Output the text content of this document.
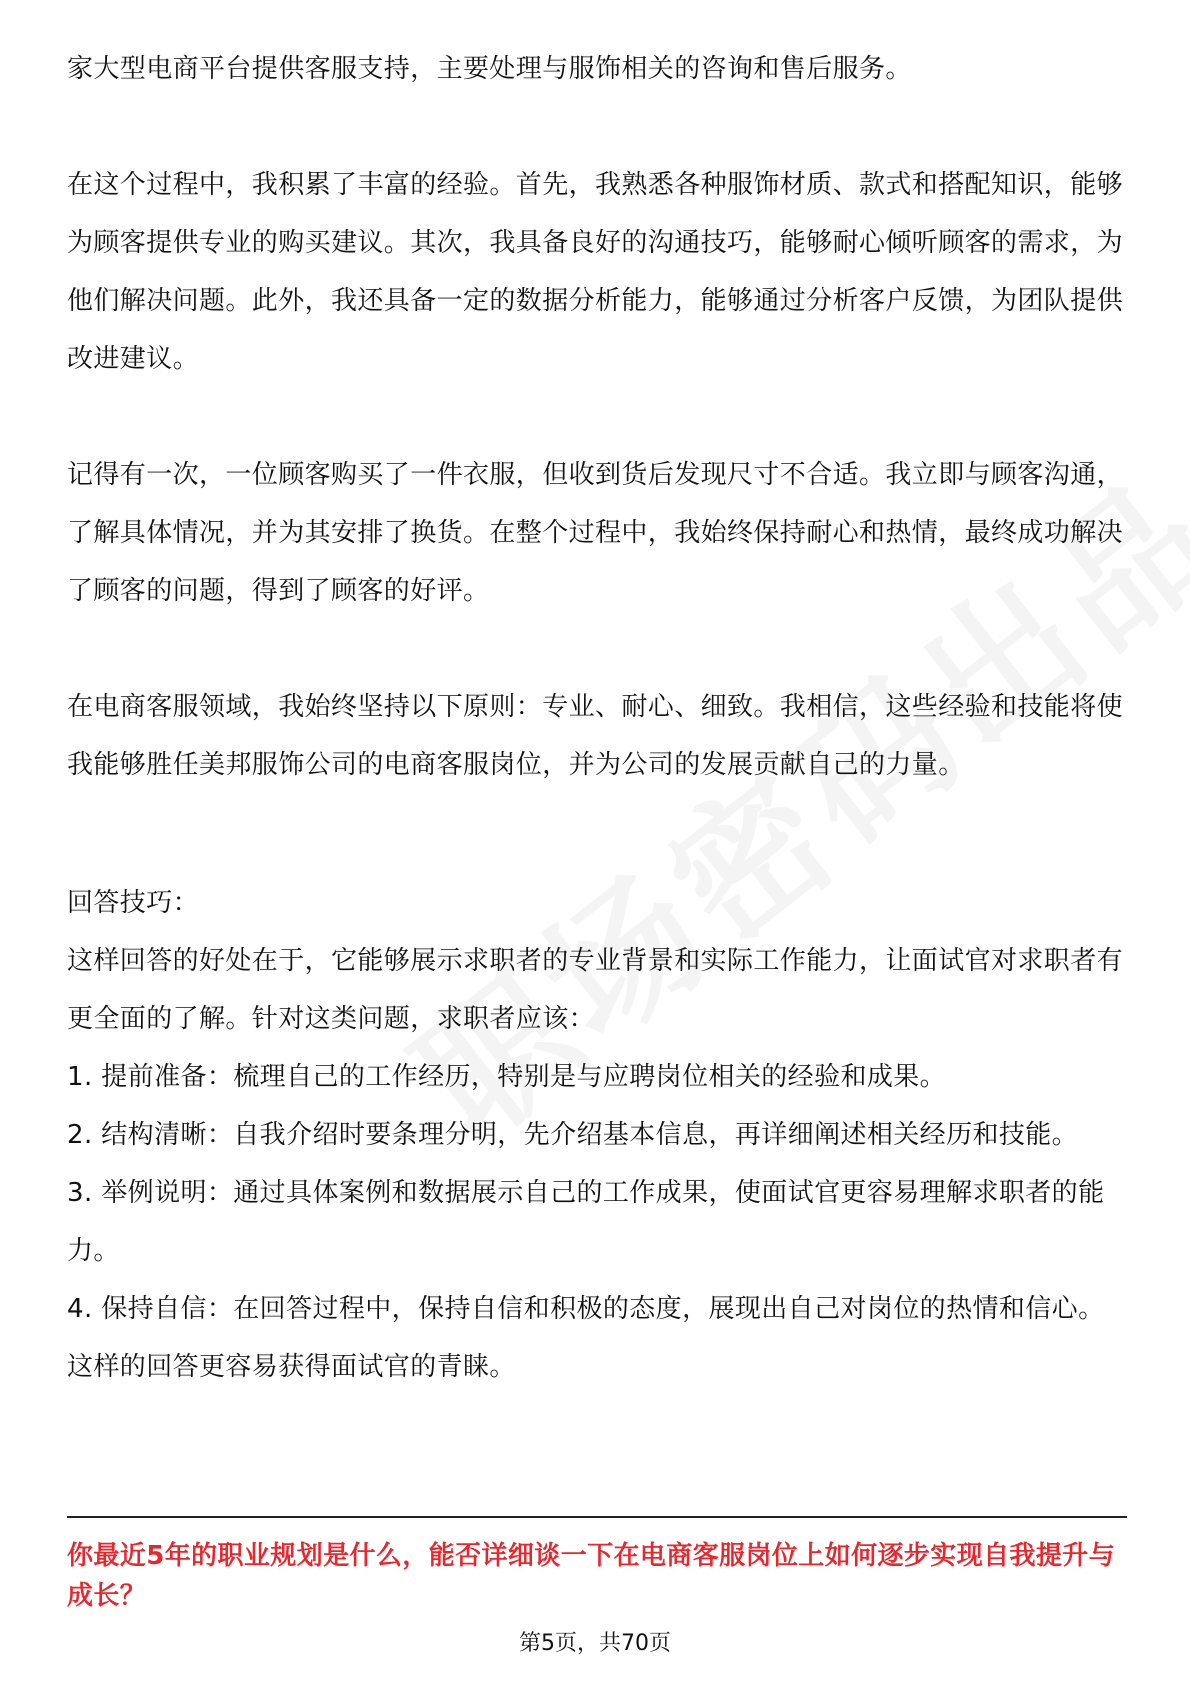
家大型电商平台提供客服支持，主要处理与服饰相关的咨询和售后服务。

在这个过程中，我积累了丰富的经验。首先，我熟悉各种服饰材质、款式和搭配知识，能够为顾客提供专业的购买建议。其次，我具备良好的沟通技巧，能够耐心倾听顾客的需求，为他们解决问题。此外，我还具备一定的数据分析能力，能够通过分析客户反馈，为团队提供改进建议。

记得有一次，一位顾客购买了一件衣服，但收到货后发现尺寸不合适。我立即与顾客沟通，了解具体情况，并为其安排了换货。在整个过程中，我始终保持耐心和热情，最终成功解决了顾客的问题，得到了顾客的好评。

在电商客服领域，我始终坚持以下原则：专业、耐心、细致。我相信，这些经验和技能将使我能够胜任美邦服饰公司的电商客服岗位，并为公司的发展贡献自己的力量。

回答技巧：

这样回答的好处在于，它能够展示求职者的专业背景和实际工作能力，让面试官对求职者有更全面的了解。针对这类问题，求职者应该：

1. 提前准备：梳理自己的工作经历，特别是与应聘岗位相关的经验和成果。

2. 结构清晰：自我介绍时要条理分明，先介绍基本信息，再详细阐述相关经历和技能。

3. 举例说明：通过具体案例和数据展示自己的工作成果，使面试官更容易理解求职者的能力。

4. 保持自信：在回答过程中，保持自信和积极的态度，展现出自己对岗位的热情和信心。这样的回答更容易获得面试官的青睐。

你最近5年的职业规划是什么，能否详细谈一下在电商客服岗位上如何逐步实现自我提升与成长？
第5页，共70页
